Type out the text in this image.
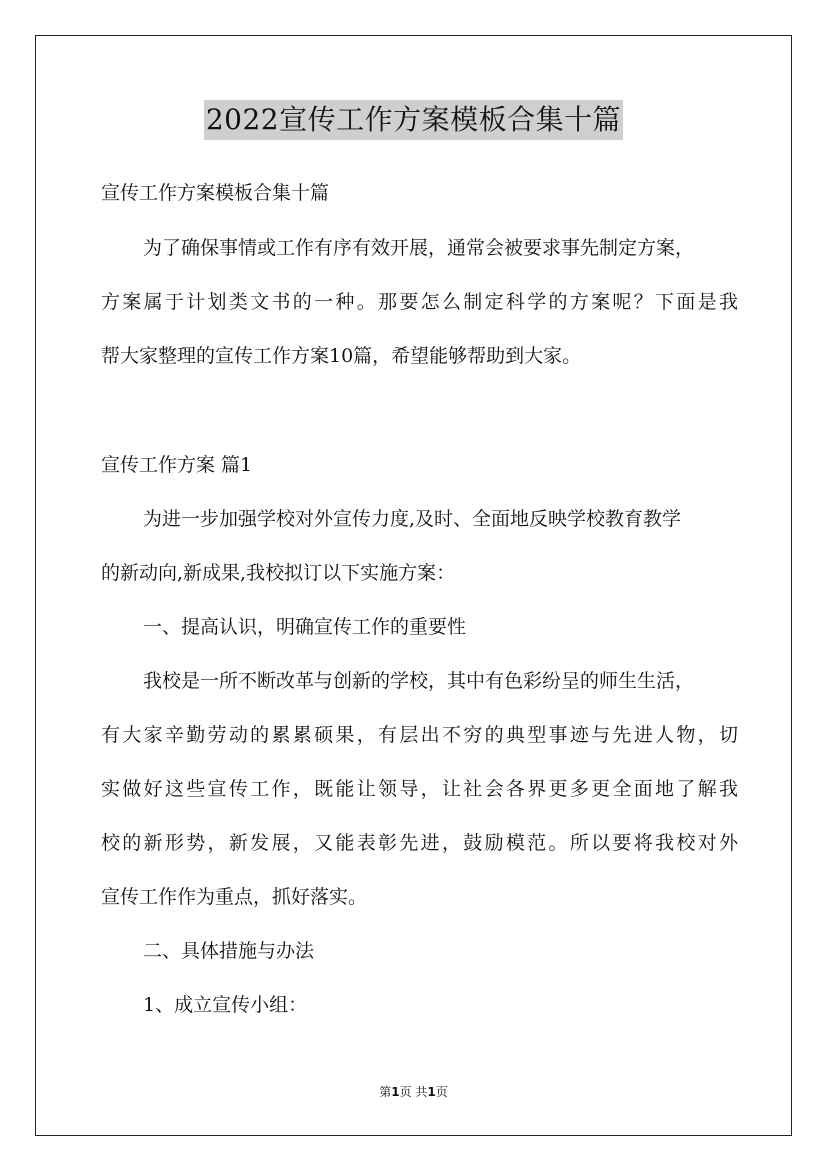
2022宣传工作方案模板合集十篇
宣传工作方案模板合集十篇
为了确保事情或工作有序有效开展，通常会被要求事先制定方案，
方案属于计划类文书的一种。那要怎么制定科学的方案呢？下面是我
帮大家整理的宣传工作方案10篇，希望能够帮助到大家。
宣传工作方案 篇1
为进一步加强学校对外宣传力度,及时、全面地反映学校教育教学
的新动向,新成果,我校拟订以下实施方案：
一、提高认识，明确宣传工作的重要性
我校是一所不断改革与创新的学校，其中有色彩纷呈的师生生活，
有大家辛勤劳动的累累硕果，有层出不穷的典型事迹与先进人物，切
实做好这些宣传工作，既能让领导，让社会各界更多更全面地了解我
校的新形势，新发展，又能表彰先进，鼓励模范。所以要将我校对外
宣传工作作为重点，抓好落实。
二、具体措施与办法
1、成立宣传小组：
第1页 共1页
